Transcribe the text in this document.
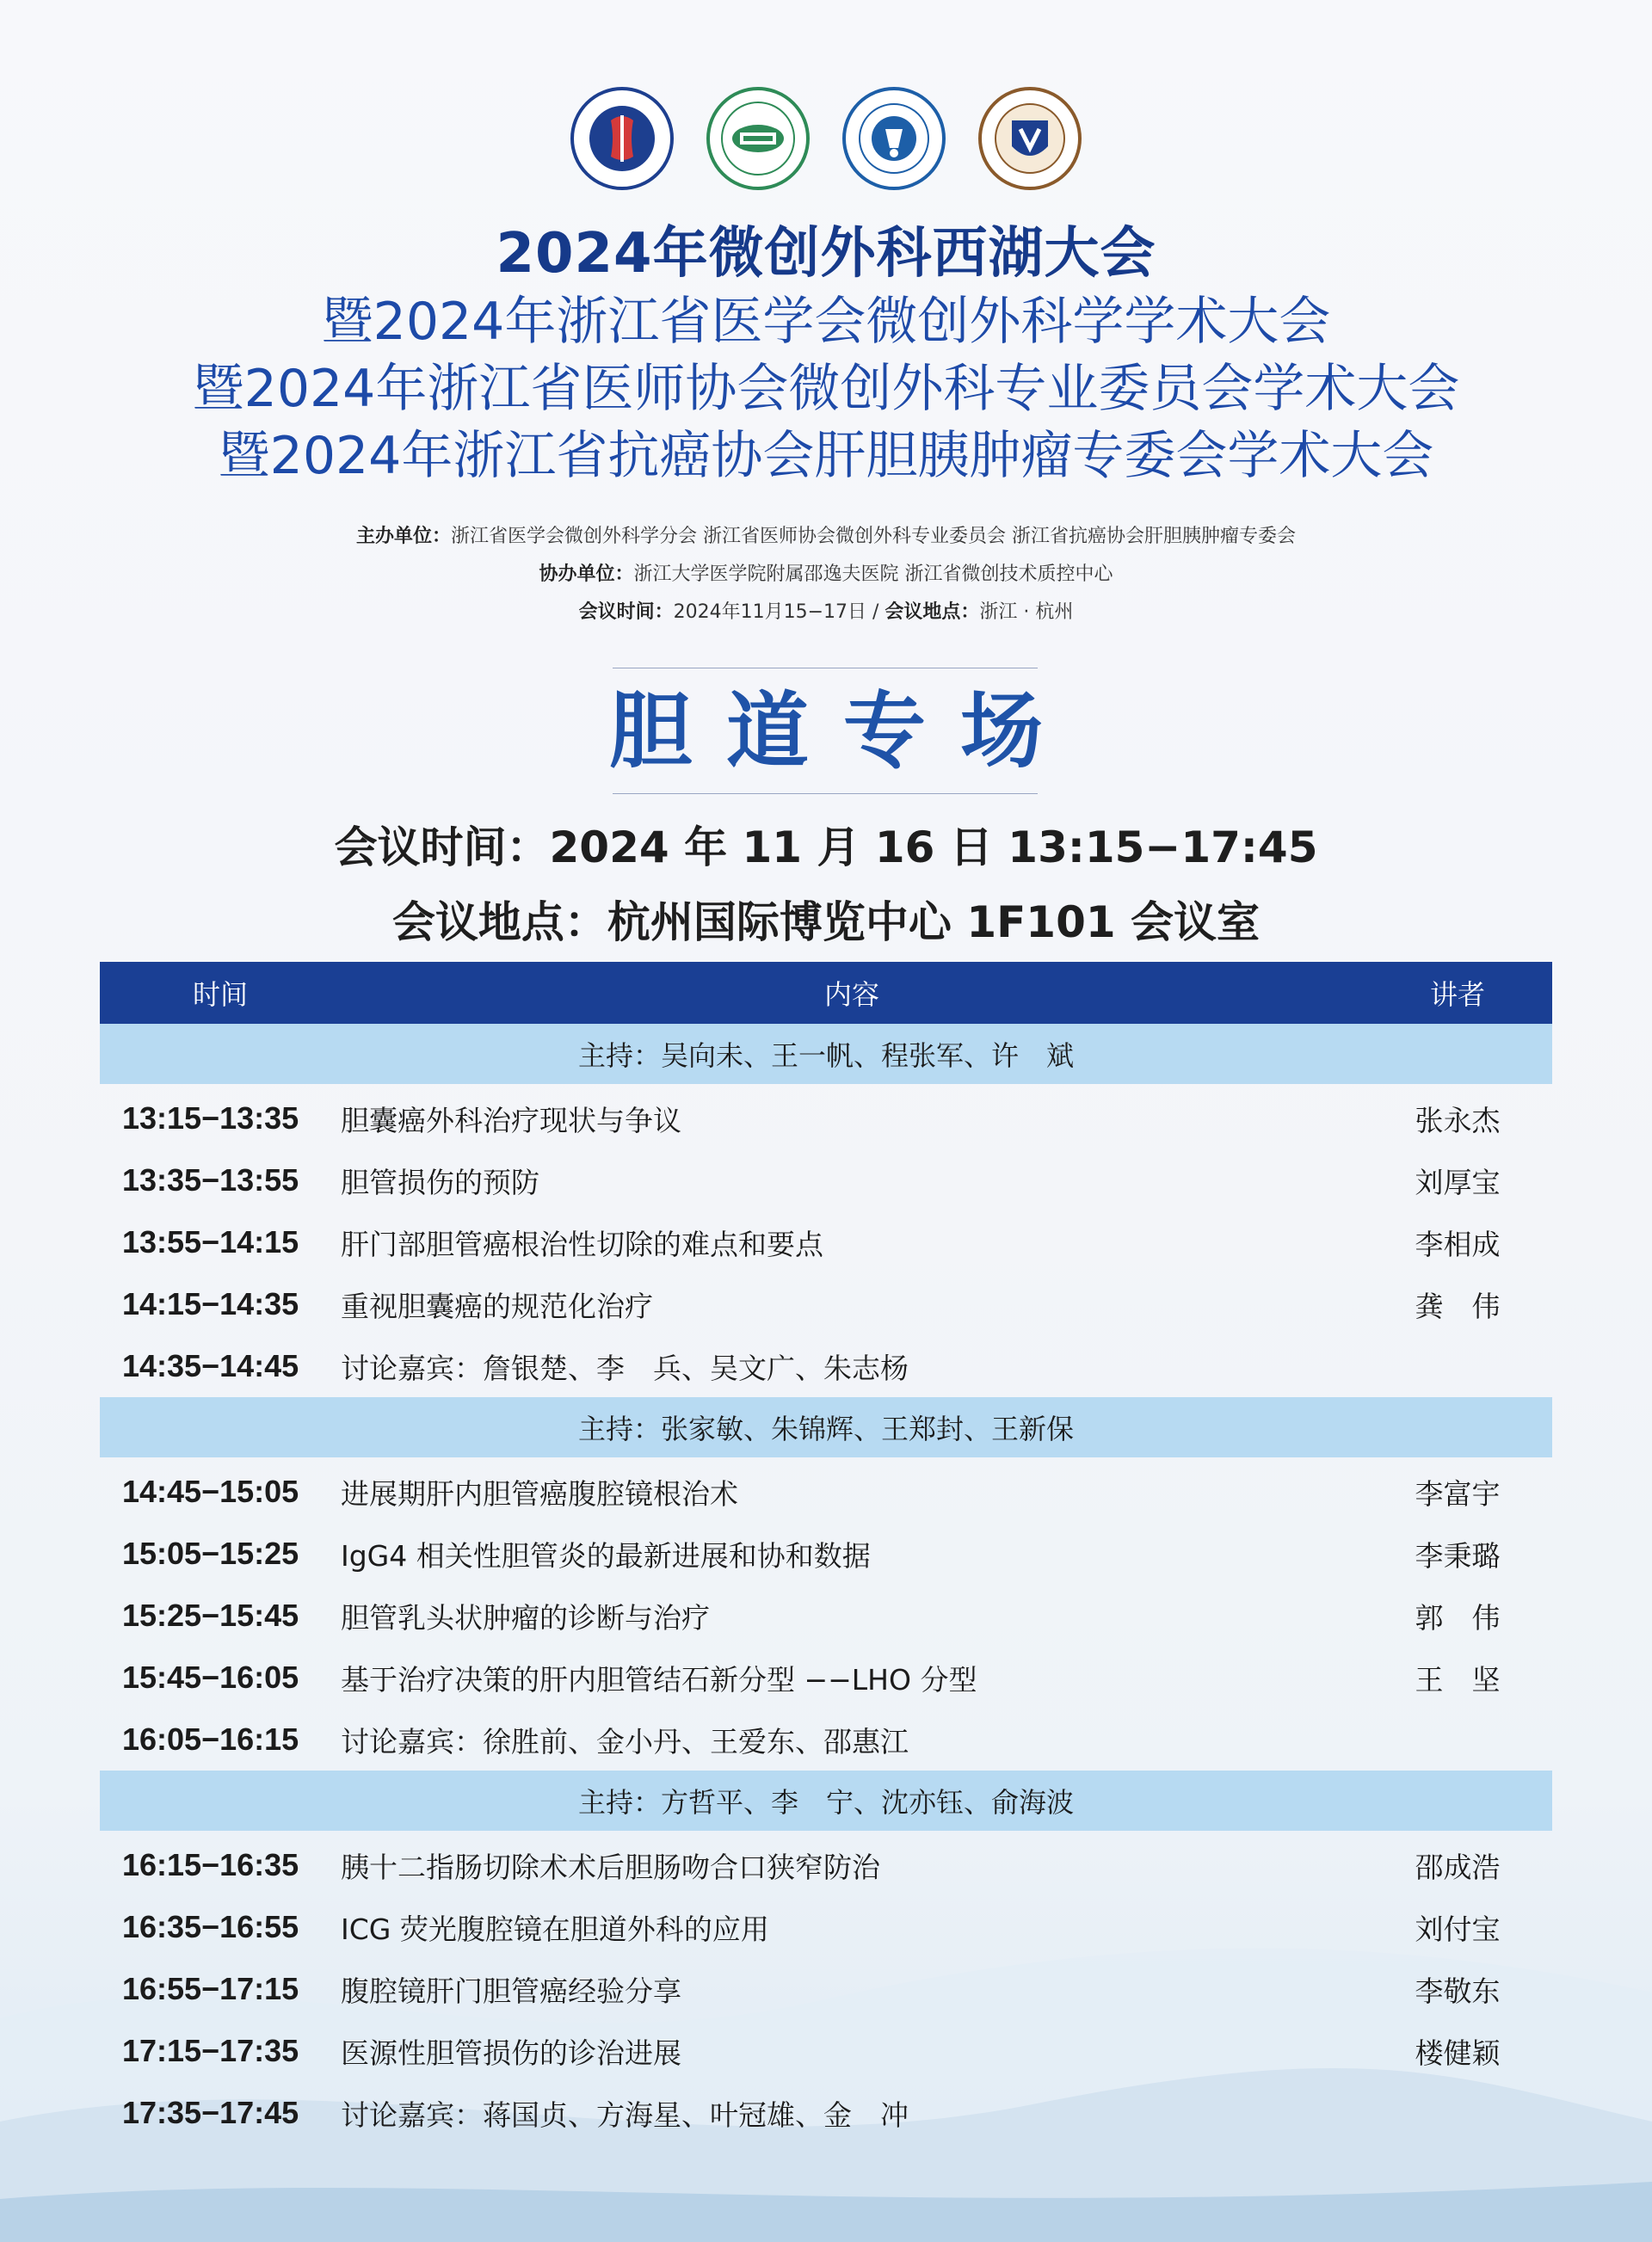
2024年微创外科西湖大会
暨2024年浙江省医学会微创外科学学术大会
暨2024年浙江省医师协会微创外科专业委员会学术大会
暨2024年浙江省抗癌协会肝胆胰肿瘤专委会学术大会
主办单位：浙江省医学会微创外科学分会 浙江省医师协会微创外科专业委员会 浙江省抗癌协会肝胆胰肿瘤专委会
协办单位：浙江大学医学院附属邵逸夫医院 浙江省微创技术质控中心
会议时间：2024年11月15−17日 / 会议地点：浙江 · 杭州
胆道专场
会议时间：2024 年 11 月 16 日 13:15−17:45
会议地点：杭州国际博览中心 1F101 会议室
时间	内容	讲者
主持：吴向未、王一帆、程张军、许　斌
13:15−13:35	胆囊癌外科治疗现状与争议	张永杰
13:35−13:55	胆管损伤的预防	刘厚宝
13:55−14:15	肝门部胆管癌根治性切除的难点和要点	李相成
14:15−14:35	重视胆囊癌的规范化治疗	龚　伟
14:35−14:45	讨论嘉宾：詹银楚、李　兵、吴文广、朱志杨
主持：张家敏、朱锦辉、王郑封、王新保
14:45−15:05	进展期肝内胆管癌腹腔镜根治术	李富宇
15:05−15:25	IgG4 相关性胆管炎的最新进展和协和数据	李秉璐
15:25−15:45	胆管乳头状肿瘤的诊断与治疗	郭　伟
15:45−16:05	基于治疗决策的肝内胆管结石新分型 −−LHO 分型	王　坚
16:05−16:15	讨论嘉宾：徐胜前、金小丹、王爱东、邵惠江
主持：方哲平、李　宁、沈亦钰、俞海波
16:15−16:35	胰十二指肠切除术术后胆肠吻合口狭窄防治	邵成浩
16:35−16:55	ICG 荧光腹腔镜在胆道外科的应用	刘付宝
16:55−17:15	腹腔镜肝门胆管癌经验分享	李敬东
17:15−17:35	医源性胆管损伤的诊治进展	楼健颖
17:35−17:45	讨论嘉宾：蒋国贞、方海星、叶冠雄、金　冲
